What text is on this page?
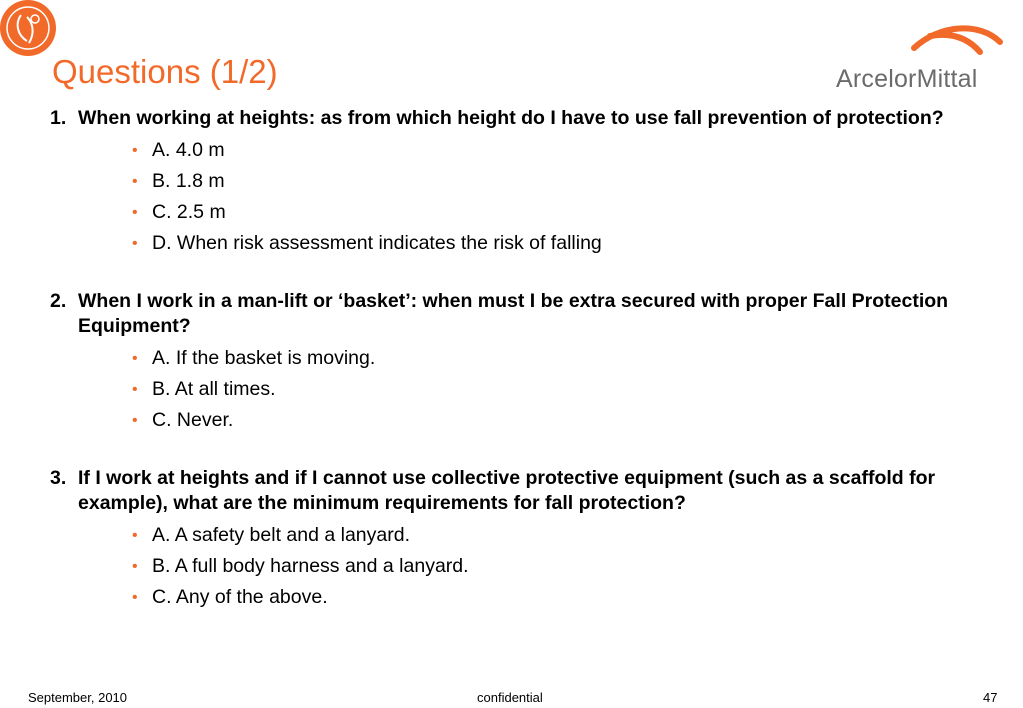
Questions (1/2)	ArcelorMittal
1. When working at heights: as from which height do I have to use fall prevention of protection?
• A. 4.0 m
• B. 1.8 m
• C. 2.5 m
• D. When risk assessment indicates the risk of falling
2. When I work in a man-lift or ‘basket’: when must I be extra secured with proper Fall Protection Equipment?
• A. If the basket is moving.
• B. At all times.
• C. Never.
3. If I work at heights and if I cannot use collective protective equipment (such as a scaffold for example), what are the minimum requirements for fall protection?
• A. A safety belt and a lanyard.
• B. A full body harness and a lanyard.
• C. Any of the above.
September, 2010	confidential	47
